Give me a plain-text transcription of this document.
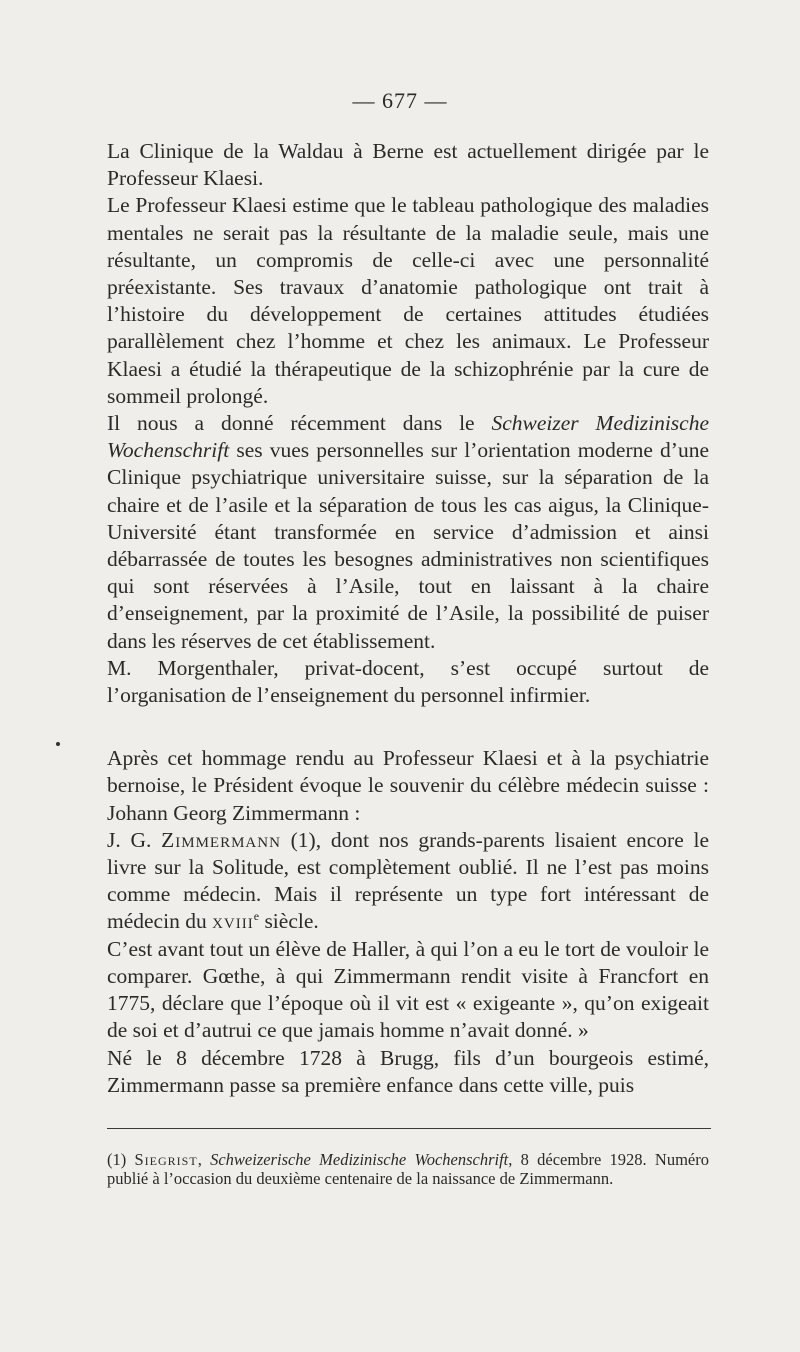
— 677 —

La Clinique de la Waldau à Berne est actuellement dirigée par le Professeur Klaesi.

Le Professeur Klaesi estime que le tableau pathologique des maladies mentales ne serait pas la résultante de la maladie seule, mais une résultante, un compromis de celle-ci avec une personnalité préexistante. Ses travaux d’anatomie pathologique ont trait à l’histoire du développement de certaines attitudes étudiées parallèlement chez l’homme et chez les animaux. Le Professeur Klaesi a étudié la thérapeutique de la schizophrénie par la cure de sommeil prolongé.

Il nous a donné récemment dans le Schweizer Medizinische Wochenschrift ses vues personnelles sur l’orientation moderne d’une Clinique psychiatrique universitaire suisse, sur la séparation de la chaire et de l’asile et la séparation de tous les cas aigus, la Clinique-Université étant transformée en service d’admission et ainsi débarrassée de toutes les besognes administratives non scientifiques qui sont réservées à l’Asile, tout en laissant à la chaire d’enseignement, par la proximité de l’Asile, la possibilité de puiser dans les réserves de cet établissement.

M. Morgenthaler, privat-docent, s’est occupé surtout de l’organisation de l’enseignement du personnel infirmier.

Après cet hommage rendu au Professeur Klaesi et à la psychiatrie bernoise, le Président évoque le souvenir du célèbre médecin suisse : Johann Georg Zimmermann :

J. G. Zimmermann (1), dont nos grands-parents lisaient encore le livre sur la Solitude, est complètement oublié. Il ne l’est pas moins comme médecin. Mais il représente un type fort intéressant de médecin du xviii$^e$ siècle.

C’est avant tout un élève de Haller, à qui l’on a eu le tort de vouloir le comparer. Gœthe, à qui Zimmermann rendit visite à Francfort en 1775, déclare que l’époque où il vit est « exigeante », qu’on exigeait de soi et d’autrui ce que jamais homme n’avait donné. »

Né le 8 décembre 1728 à Brugg, fils d’un bourgeois estimé, Zimmermann passe sa première enfance dans cette ville, puis

(1) Siegrist, Schweizerische Medizinische Wochenschrift, 8 décembre 1928. Numéro publié à l’occasion du deuxième centenaire de la naissance de Zimmermann.
